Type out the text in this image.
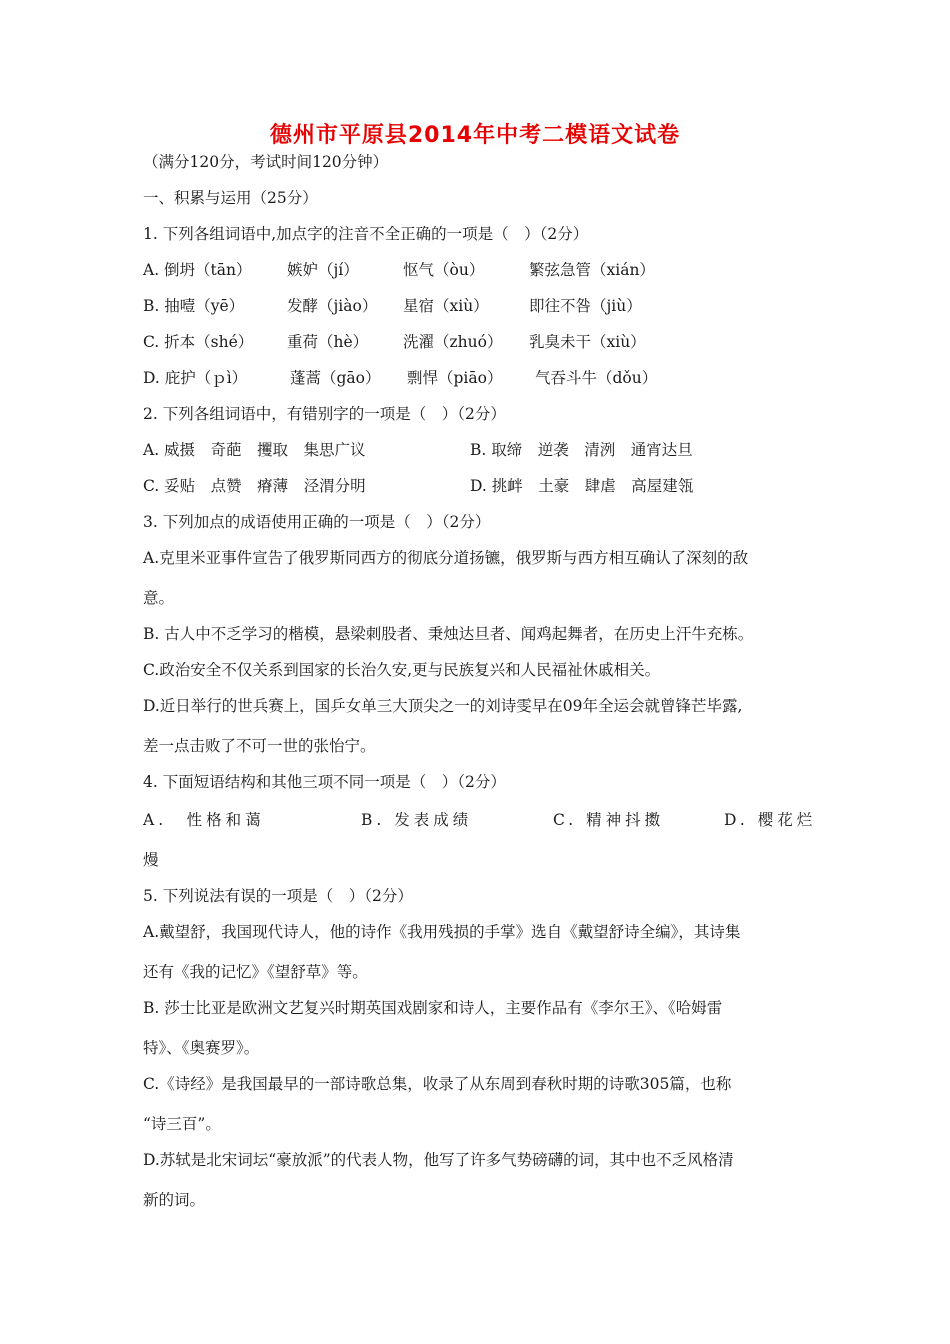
德州市平原县2014年中考二模语文试卷
（满分120分，考试时间120分钟）
一、积累与运用（25分）
1. 下列各组词语中,加点字的注音不全正确的一项是（　）（2分）
A. 倒坍（tān） 嫉妒（jí）	怄气（òu）	繁弦急管（xián）
B. 抽噎（yē）	发酵（jiào） 星宿（xiù）	即往不咎（jiù）
C. 折本（shé） 重荷（hè） 洗濯（zhuó） 乳臭未干（xiù）
D. 庇护（ｐì）	蓬蒿（gāo） 剽悍（piāo） 气吞斗牛（dǒu）
2. 下列各组词语中，有错别字的一项是（　）（2分）
A. 威摄　奇葩　攫取　集思广议	B. 取缔　逆袭　清洌　通宵达旦
C. 妥贴　点赞　瘠薄　泾渭分明	D. 挑衅　土豪　肆虐　高屋建瓴
3. 下列加点的成语使用正确的一项是（　）（2分）
A.克里米亚事件宣告了俄罗斯同西方的彻底分道扬镳，俄罗斯与西方相互确认了深刻的敌
意。
B. 古人中不乏学习的楷模，悬梁刺股者、秉烛达旦者、闻鸡起舞者，在历史上汗牛充栋。
C.政治安全不仅关系到国家的长治久安,更与民族复兴和人民福祉休戚相关。
D.近日举行的世兵赛上，国乒女单三大顶尖之一的刘诗雯早在09年全运会就曾锋芒毕露,
差一点击败了不可一世的张怡宁。
4. 下面短语结构和其他三项不同一项是（　）（2分）
A.　性格和蔼	B. 发表成绩	C. 精神抖擞	D. 樱花烂
熳
5. 下列说法有误的一项是（　）（2分）
A.戴望舒，我国现代诗人，他的诗作《我用残损的手掌》选自《戴望舒诗全编》，其诗集
还有《我的记忆》《望舒草》等。
B. 莎士比亚是欧洲文艺复兴时期英国戏剧家和诗人，主要作品有《李尔王》、《哈姆雷
特》、《奥赛罗》。
C.《诗经》是我国最早的一部诗歌总集，收录了从东周到春秋时期的诗歌305篇，也称
“诗三百”。
D.苏轼是北宋词坛“豪放派”的代表人物，他写了许多气势磅礴的词，其中也不乏风格清
新的词。
